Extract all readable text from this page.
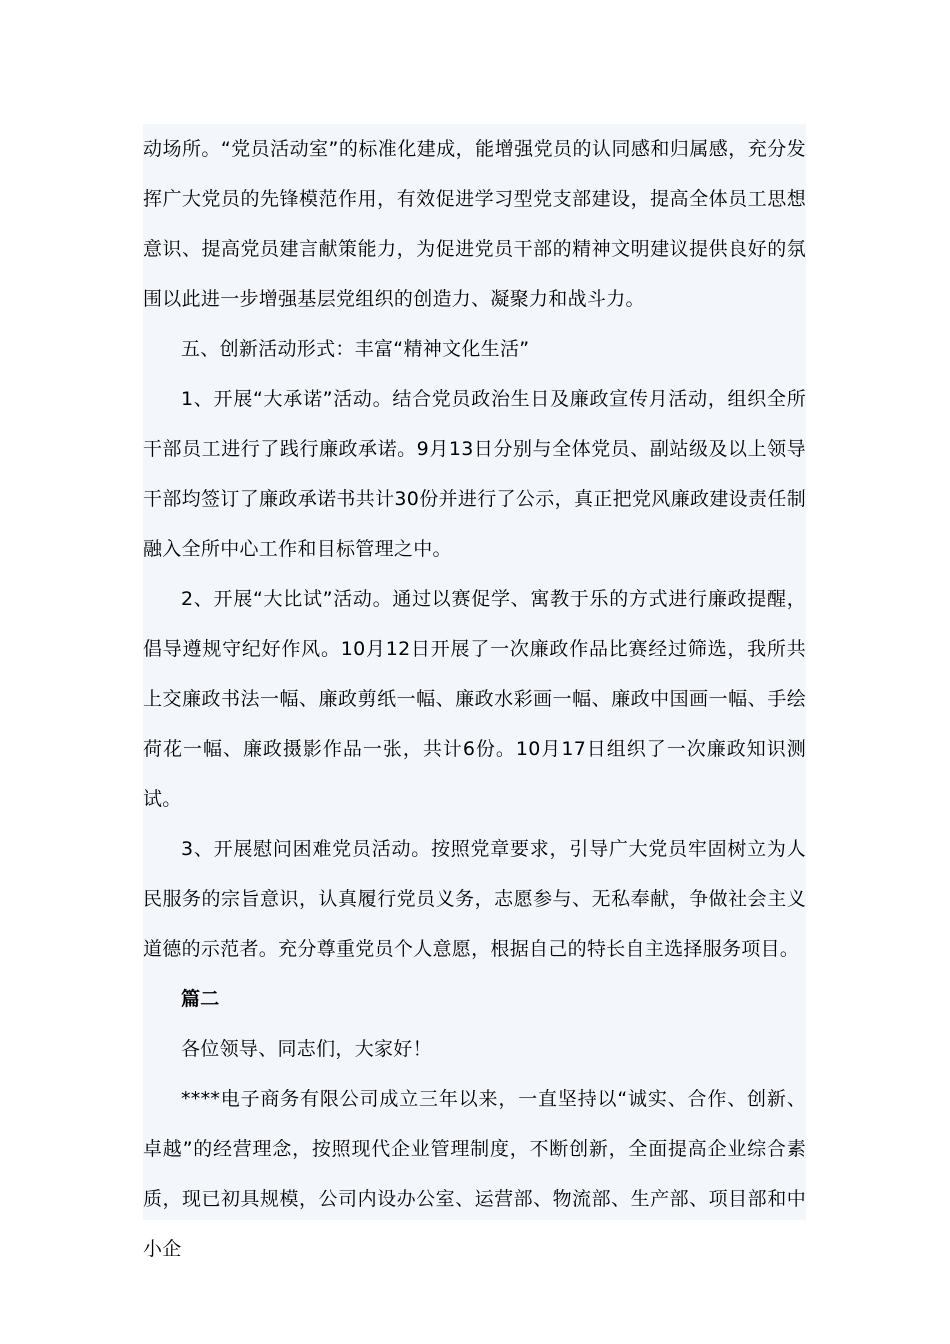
动场所。“党员活动室”的标准化建成，能增强党员的认同感和归属感，充分发挥广大党员的先锋模范作用，有效促进学习型党支部建设，提高全体员工思想意识、提高党员建言献策能力，为促进党员干部的精神文明建议提供良好的氛围以此进一步增强基层党组织的创造力、凝聚力和战斗力。

五、创新活动形式：丰富“精神文化生活”

1、开展“大承诺”活动。结合党员政治生日及廉政宣传月活动，组织全所干部员工进行了践行廉政承诺。9月13日分别与全体党员、副站级及以上领导干部均签订了廉政承诺书共计30份并进行了公示，真正把党风廉政建设责任制融入全所中心工作和目标管理之中。

2、开展“大比试”活动。通过以赛促学、寓教于乐的方式进行廉政提醒，倡导遵规守纪好作风。10月12日开展了一次廉政作品比赛经过筛选，我所共上交廉政书法一幅、廉政剪纸一幅、廉政水彩画一幅、廉政中国画一幅、手绘荷花一幅、廉政摄影作品一张，共计6份。10月17日组织了一次廉政知识测试。

3、开展慰问困难党员活动。按照党章要求，引导广大党员牢固树立为人民服务的宗旨意识，认真履行党员义务，志愿参与、无私奉献，争做社会主义道德的示范者。充分尊重党员个人意愿，根据自己的特长自主选择服务项目。

篇二

各位领导、同志们，大家好！

****电子商务有限公司成立三年以来，一直坚持以“诚实、合作、创新、卓越”的经营理念，按照现代企业管理制度，不断创新，全面提高企业综合素质，现已初具规模，公司内设办公室、运营部、物流部、生产部、项目部和中小企
